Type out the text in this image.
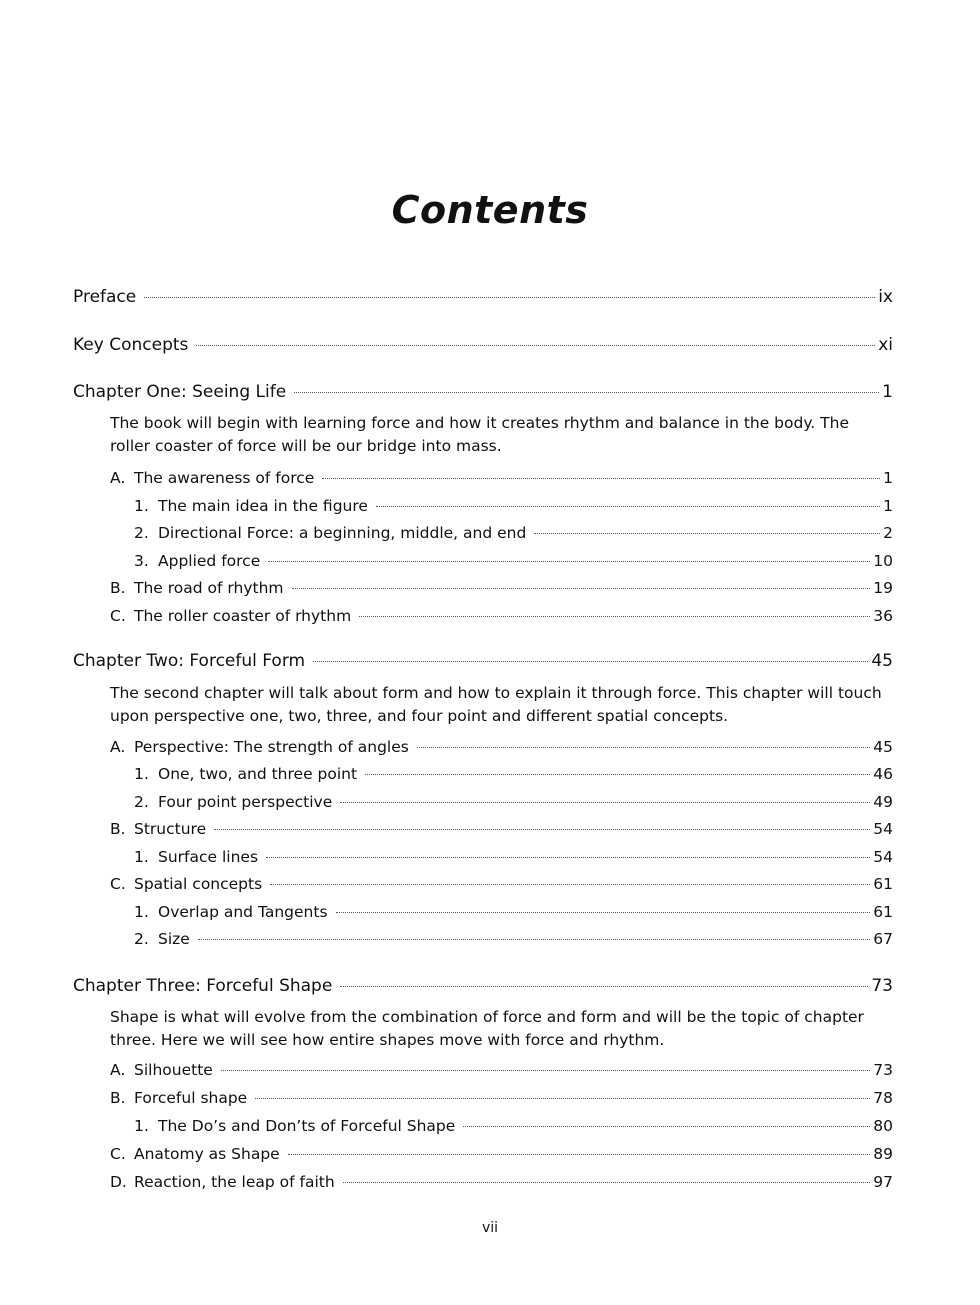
Contents
Preface	ix
Key Concepts	xi
Chapter One: Seeing Life	1

The book will begin with learning force and how it creates rhythm and balance in the body. The roller coaster of force will be our bridge into mass.

A. The awareness of force	1
1. The main idea in the figure	1
2. Directional Force: a beginning, middle, and end	2
3. Applied force	10
B. The road of rhythm	19
C. The roller coaster of rhythm	36
Chapter Two: Forceful Form	45

The second chapter will talk about form and how to explain it through force. This chapter will touch upon perspective one, two, three, and four point and different spatial concepts.

A. Perspective: The strength of angles	45
1. One, two, and three point	46
2. Four point perspective	49
B. Structure	54
1. Surface lines	54
C. Spatial concepts	61
1. Overlap and Tangents	61
2. Size	67
Chapter Three: Forceful Shape	73

Shape is what will evolve from the combination of force and form and will be the topic of chapter three. Here we will see how entire shapes move with force and rhythm.

A. Silhouette	73
B. Forceful shape	78
1. The Do’s and Don’ts of Forceful Shape	80
C. Anatomy as Shape	89
D. Reaction, the leap of faith	97

vii
